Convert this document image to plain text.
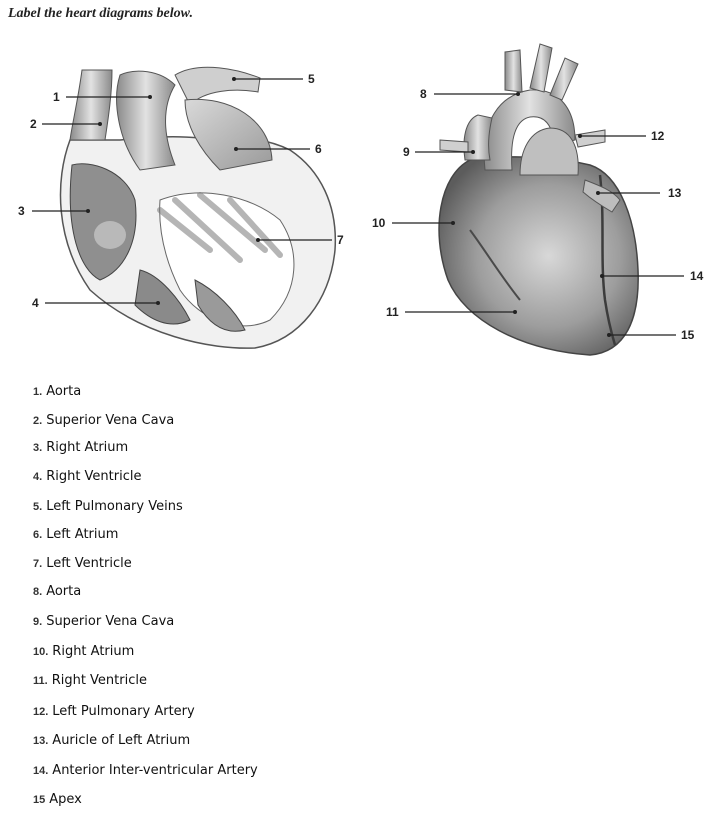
Label the heart diagrams below.
1
2
3
4
5
6
7
8
9
10
11
12
13
14
15
1. Aorta
2. Superior Vena Cava
3. Right Atrium
4. Right Ventricle
5. Left Pulmonary Veins
6. Left Atrium
7. Left Ventricle
8. Aorta
9. Superior Vena Cava
10. Right Atrium
11. Right Ventricle
12. Left Pulmonary Artery
13. Auricle of Left Atrium
14. Anterior Inter-ventricular Artery
15 Apex
